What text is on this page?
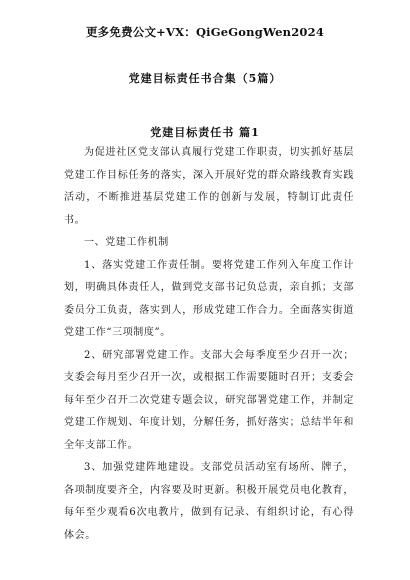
更多免费公文+VX：QiGeGongWen2024
党建目标责任书合集（5篇）
党建目标责任书 篇1

为促进社区党支部认真履行党建工作职责，切实抓好基层党建工作目标任务的落实，深入开展好党的群众路线教育实践活动，不断推进基层党建工作的创新与发展，特制订此责任书。

一、党建工作机制

1、落实党建工作责任制。要将党建工作列入年度工作计划，明确具体责任人，做到党支部书记负总责，亲自抓；支部委员分工负责，落实到人，形成党建工作合力。全面落实街道党建工作“三项制度”。

2、研究部署党建工作。支部大会每季度至少召开一次；支委会每月至少召开一次，或根据工作需要随时召开；支委会每年至少召开二次党建专题会议，研究部署党建工作，并制定党建工作规划、年度计划，分解任务，抓好落实；总结半年和全年支部工作。

3、加强党建阵地建设。支部党员活动室有场所、牌子，各项制度要齐全，内容要及时更新。积极开展党员电化教育，每年至少观看6次电教片，做到有记录、有组织讨论，有心得体会。
